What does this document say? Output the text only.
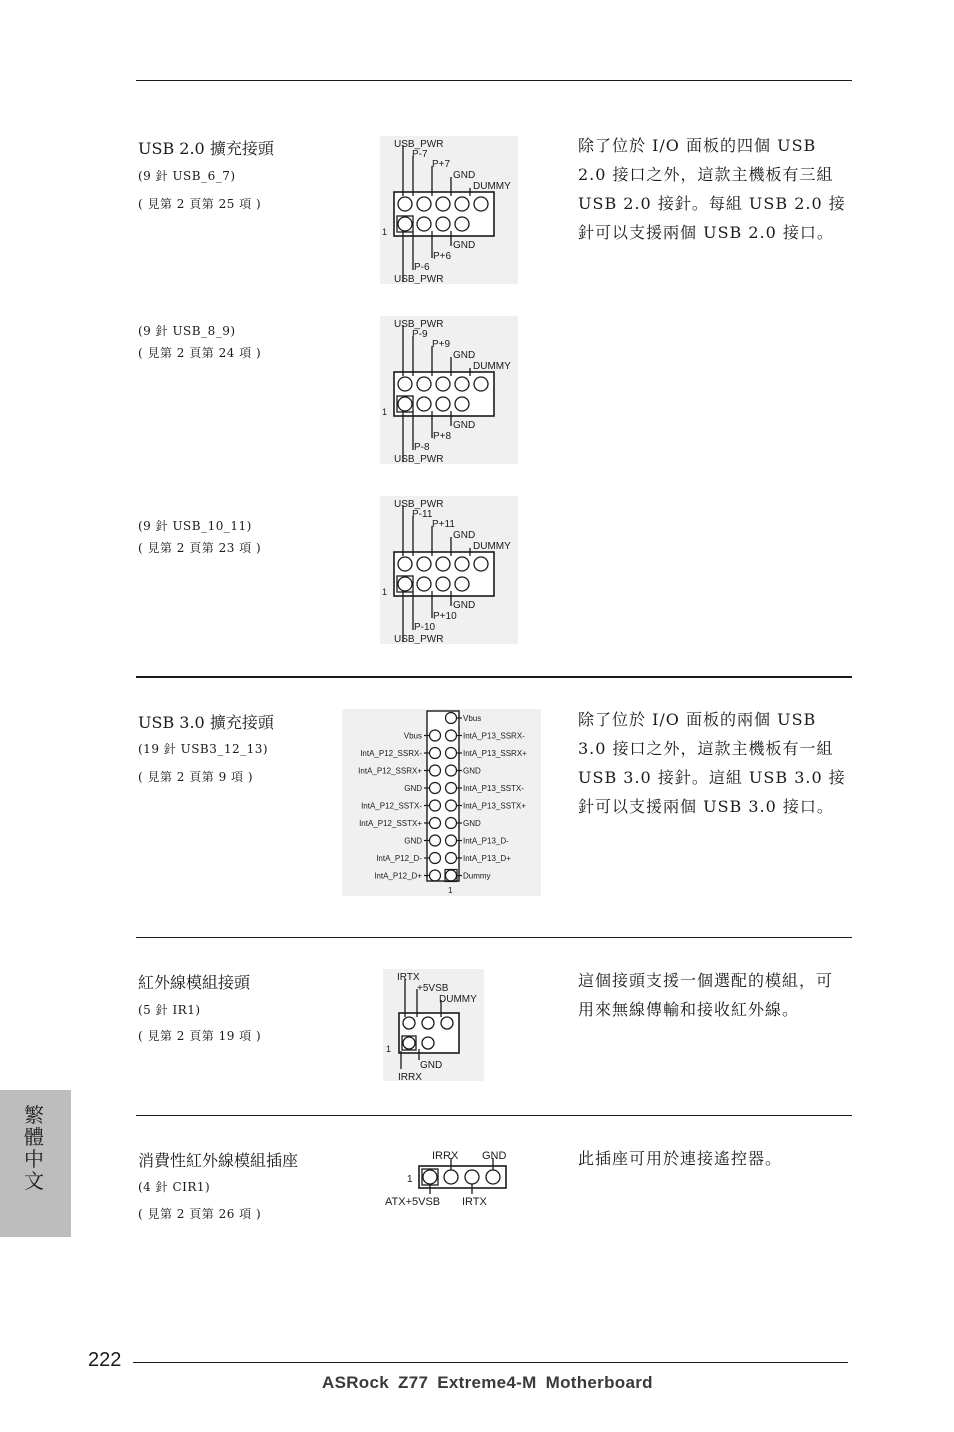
USB 2.0 擴充接頭
(9 針 USB_6_7)
( 見第 2 頁第 25 項 )
(9 針 USB_8_9)
( 見第 2 頁第 24 項 )
(9 針 USB_10_11)
( 見第 2 頁第 23 項 )
除了位於 I/O 面板的四個 USB 2.0 接口之外，這款主機板有三組 USB 2.0 接針。每組 USB 2.0 接針可以支援兩個 USB 2.0 接口。
USB_PWR
P-7
P+7
GND
DUMMY
1
GND
P+6
P-6
USB_PWR
USB_PWR
P-9
P+9
GND
DUMMY
1
GND
P+8
P-8
USB_PWR
USB_PWR
P-11
P+11
GND
DUMMY
1
GND
P+10
P-10
USB_PWR
USB 3.0 擴充接頭
(19 針 USB3_12_13)
( 見第 2 頁第 9 項 )
除了位於 I/O 面板的兩個 USB 3.0 接口之外，這款主機板有一組 USB 3.0 接針。這組 USB 3.0 接針可以支援兩個 USB 3.0 接口。
Vbus
IntA_P13_SSRX-
IntA_P13_SSRX+
GND
IntA_P13_SSTX-
IntA_P13_SSTX+
GND
IntA_P13_D-
IntA_P13_D+
Dummy
Vbus
IntA_P12_SSRX-
IntA_P12_SSRX+
GND
IntA_P12_SSTX-
IntA_P12_SSTX+
GND
IntA_P12_D-
IntA_P12_D+
1
紅外線模組接頭
(5 針 IR1)
( 見第 2 頁第 19 項 )
這個接頭支援一個選配的模組，可用來無線傳輸和接收紅外線。
IRTX
+5VSB
DUMMY
1
GND
IRRX
消費性紅外線模組插座
(4 針 CIR1)
( 見第 2 頁第 26 項 )
此插座可用於連接遙控器。
IRRX GND
1
ATX+5VSB IRTX
繁體中文
222
ASRock Z77 Extreme4-M Motherboard
